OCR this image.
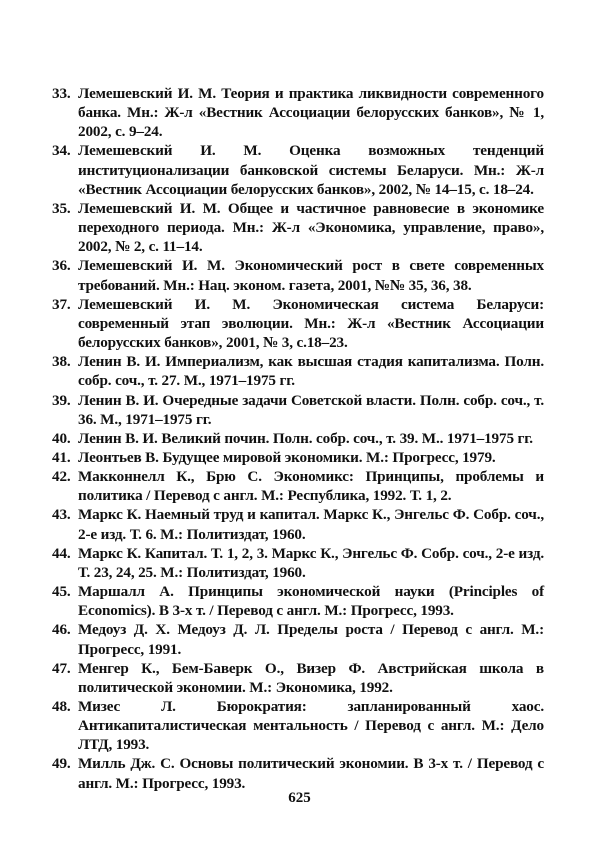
33. Лемешевский И. М. Теория и практика ликвидности современного банка. Мн.: Ж-л «Вестник Ассоциации белорусских банков», № 1, 2002, с. 9–24.
34. Лемешевский И. М. Оценка возможных тенденций институционализации банковской системы Беларуси. Мн.: Ж-л «Вестник Ассоциации белорусских банков», 2002, № 14–15, с. 18–24.
35. Лемешевский И. М. Общее и частичное равновесие в экономике переходного периода. Мн.: Ж-л «Экономика, управление, право», 2002, № 2, с. 11–14.
36. Лемешевский И. М. Экономический рост в свете современных требований. Мн.: Нац. эконом. газета, 2001, №№ 35, 36, 38.
37. Лемешевский И. М. Экономическая система Беларуси: современный этап эволюции. Мн.: Ж-л «Вестник Ассоциации белорусских банков», 2001, № 3, с.18–23.
38. Ленин В. И. Империализм, как высшая стадия капитализма. Полн. собр. соч., т. 27. М., 1971–1975 гг.
39. Ленин В. И. Очередные задачи Советской власти. Полн. собр. соч., т. 36. М., 1971–1975 гг.
40. Ленин В. И. Великий почин. Полн. собр. соч., т. 39. М.. 1971–1975 гг.
41. Леонтьев В. Будущее мировой экономики. М.: Прогресс, 1979.
42. Макконнелл К., Брю С. Экономикс: Принципы, проблемы и политика / Перевод с англ. М.: Республика, 1992. Т. 1, 2.
43. Маркс К. Наемный труд и капитал. Маркс К., Энгельс Ф. Собр. соч., 2-е изд. Т. 6. М.: Политиздат, 1960.
44. Маркс К. Капитал. Т. 1, 2, 3. Маркс К., Энгельс Ф. Собр. соч., 2-е изд. Т. 23, 24, 25. М.: Политиздат, 1960.
45. Маршалл А. Принципы экономической науки (Principles of Economics). В 3-х т. / Перевод с англ. М.: Прогресс, 1993.
46. Медоуз Д. Х. Медоуз Д. Л. Пределы роста / Перевод с англ. М.: Прогресс, 1991.
47. Менгер К., Бем-Баверк О., Визер Ф. Австрийская школа в политической экономии. М.: Экономика, 1992.
48. Мизес Л. Бюрократия: запланированный хаос. Антикапиталистическая ментальность / Перевод с англ. М.: Дело ЛТД, 1993.
49. Милль Дж. С. Основы политический экономии. В 3-х т. / Перевод с англ. М.: Прогресс, 1993.
625
